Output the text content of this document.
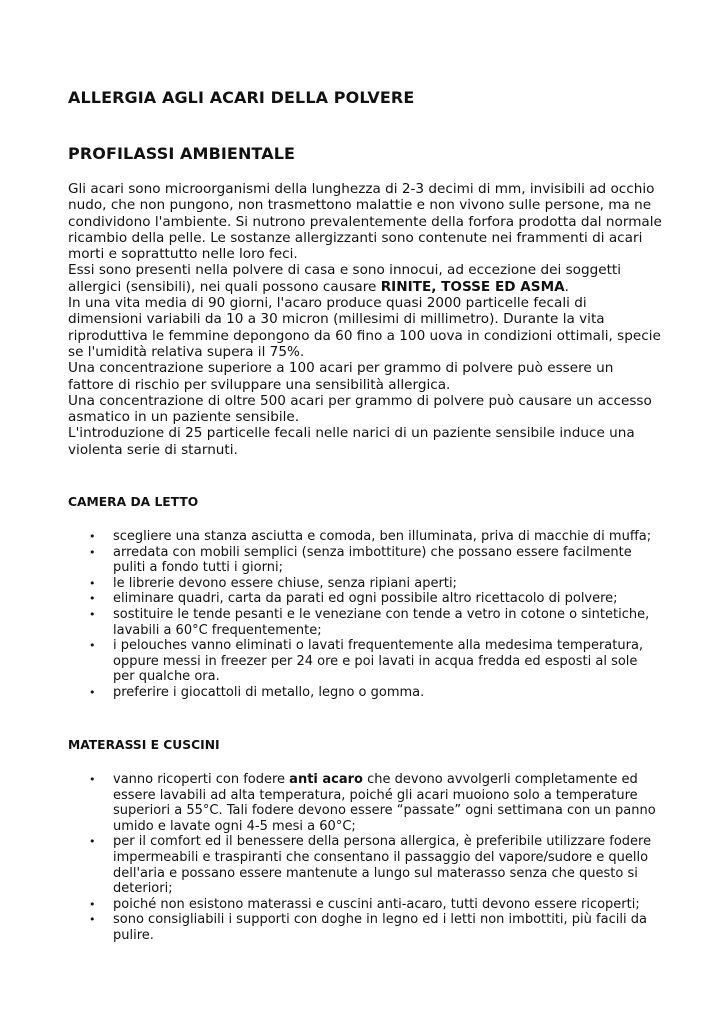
ALLERGIA AGLI ACARI DELLA POLVERE
PROFILASSI AMBIENTALE

Gli acari sono microorganismi della lunghezza di 2-3 decimi di mm, invisibili ad occhio
nudo, che non pungono, non trasmettono malattie e non vivono sulle persone, ma ne
condividono l'ambiente. Si nutrono prevalentemente della forfora prodotta dal normale
ricambio della pelle. Le sostanze allergizzanti sono contenute nei frammenti di acari
morti e soprattutto nelle loro feci.
Essi sono presenti nella polvere di casa e sono innocui, ad eccezione dei soggetti
allergici (sensibili), nei quali possono causare RINITE, TOSSE ED ASMA.
In una vita media di 90 giorni, l'acaro produce quasi 2000 particelle fecali di
dimensioni variabili da 10 a 30 micron (millesimi di millimetro). Durante la vita
riproduttiva le femmine depongono da 60 fino a 100 uova in condizioni ottimali, specie
se l'umidità relativa supera il 75%.
Una concentrazione superiore a 100 acari per grammo di polvere può essere un
fattore di rischio per sviluppare una sensibilità allergica.
Una concentrazione di oltre 500 acari per grammo di polvere può causare un accesso
asmatico in un paziente sensibile.
L'introduzione di 25 particelle fecali nelle narici di un paziente sensibile induce una
violenta serie di starnuti.

CAMERA DA LETTO
• scegliere una stanza asciutta e comoda, ben illuminata, priva di macchie di muffa;
• arredata con mobili semplici (senza imbottiture) che possano essere facilmente
puliti a fondo tutti i giorni;
• le librerie devono essere chiuse, senza ripiani aperti;
• eliminare quadri, carta da parati ed ogni possibile altro ricettacolo di polvere;
• sostituire le tende pesanti e le veneziane con tende a vetro in cotone o sintetiche,
lavabili a 60°C frequentemente;
• i pelouches vanno eliminati o lavati frequentemente alla medesima temperatura,
oppure messi in freezer per 24 ore e poi lavati in acqua fredda ed esposti al sole
per qualche ora.
• preferire i giocattoli di metallo, legno o gomma.
MATERASSI E CUSCINI
• vanno ricoperti con fodere anti acaro che devono avvolgerli completamente ed
essere lavabili ad alta temperatura, poiché gli acari muoiono solo a temperature
superiori a 55°C. Tali fodere devono essere “passate” ogni settimana con un panno
umido e lavate ogni 4-5 mesi a 60°C;
• per il comfort ed il benessere della persona allergica, è preferibile utilizzare fodere
impermeabili e traspiranti che consentano il passaggio del vapore/sudore e quello
dell'aria e possano essere mantenute a lungo sul materasso senza che questo si
deteriori;
• poiché non esistono materassi e cuscini anti-acaro, tutti devono essere ricoperti;
• sono consigliabili i supporti con doghe in legno ed i letti non imbottiti, più facili da
pulire.
